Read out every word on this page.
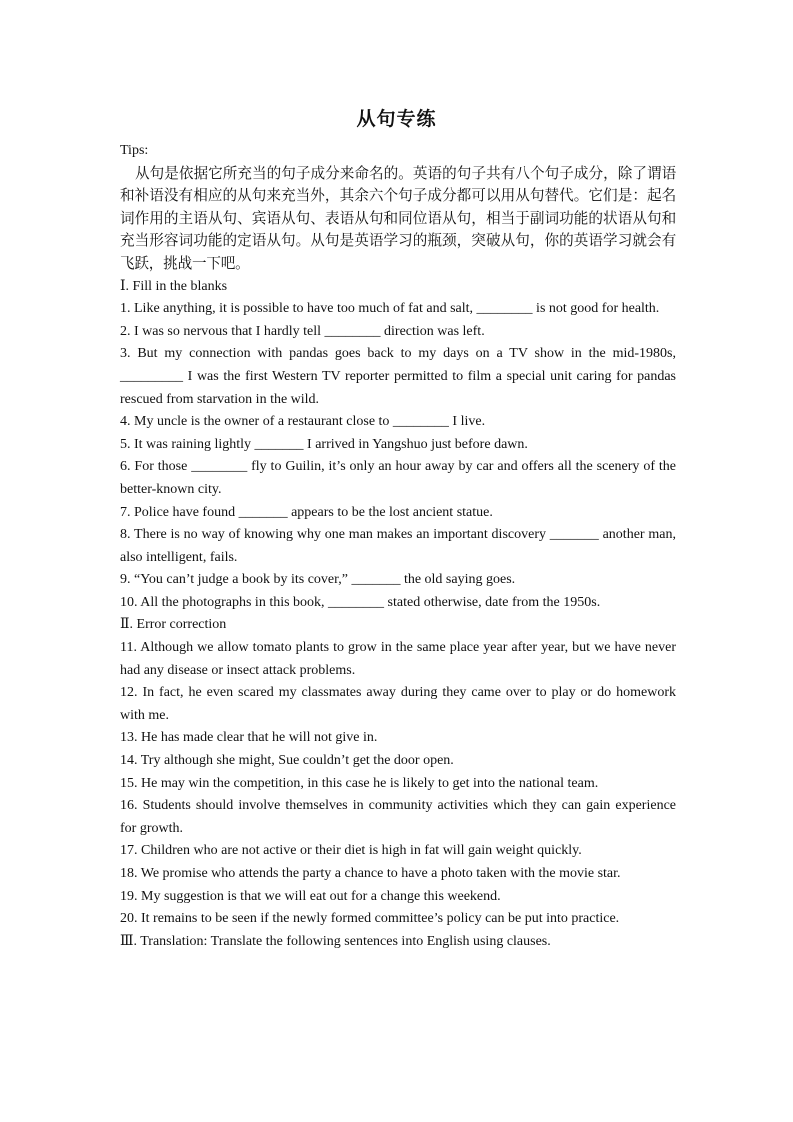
从句专练

Tips:

从句是依据它所充当的句子成分来命名的。英语的句子共有八个句子成分，除了谓语和补语没有相应的从句来充当外，其余六个句子成分都可以用从句替代。它们是：起名词作用的主语从句、宾语从句、表语从句和同位语从句，相当于副词功能的状语从句和充当形容词功能的定语从句。从句是英语学习的瓶颈，突破从句，你的英语学习就会有飞跃，挑战一下吧。

Ⅰ. Fill in the blanks

1. Like anything, it is possible to have too much of fat and salt, ________ is not good for health.

2. I was so nervous that I hardly tell ________ direction was left.

3. But my connection with pandas goes back to my days on a TV show in the mid-1980s, _________ I was the first Western TV reporter permitted to film a special unit caring for pandas rescued from starvation in the wild.

4. My uncle is the owner of a restaurant close to ________ I live.

5. It was raining lightly _______ I arrived in Yangshuo just before dawn.

6. For those ________ fly to Guilin, it’s only an hour away by car and offers all the scenery of the better-known city.

7. Police have found _______ appears to be the lost ancient statue.

8. There is no way of knowing why one man makes an important discovery _______ another man, also intelligent, fails.

9. “You can’t judge a book by its cover,” _______ the old saying goes.

10. All the photographs in this book, ________ stated otherwise, date from the 1950s.

Ⅱ. Error correction

11. Although we allow tomato plants to grow in the same place year after year, but we have never had any disease or insect attack problems.

12. In fact, he even scared my classmates away during they came over to play or do homework with me.

13. He has made clear that he will not give in.

14. Try although she might, Sue couldn’t get the door open.

15. He may win the competition, in this case he is likely to get into the national team.

16. Students should involve themselves in community activities which they can gain experience for growth.

17. Children who are not active or their diet is high in fat will gain weight quickly.

18. We promise who attends the party a chance to have a photo taken with the movie star.

19. My suggestion is that we will eat out for a change this weekend.

20. It remains to be seen if the newly formed committee’s policy can be put into practice.

Ⅲ. Translation: Translate the following sentences into English using clauses.
